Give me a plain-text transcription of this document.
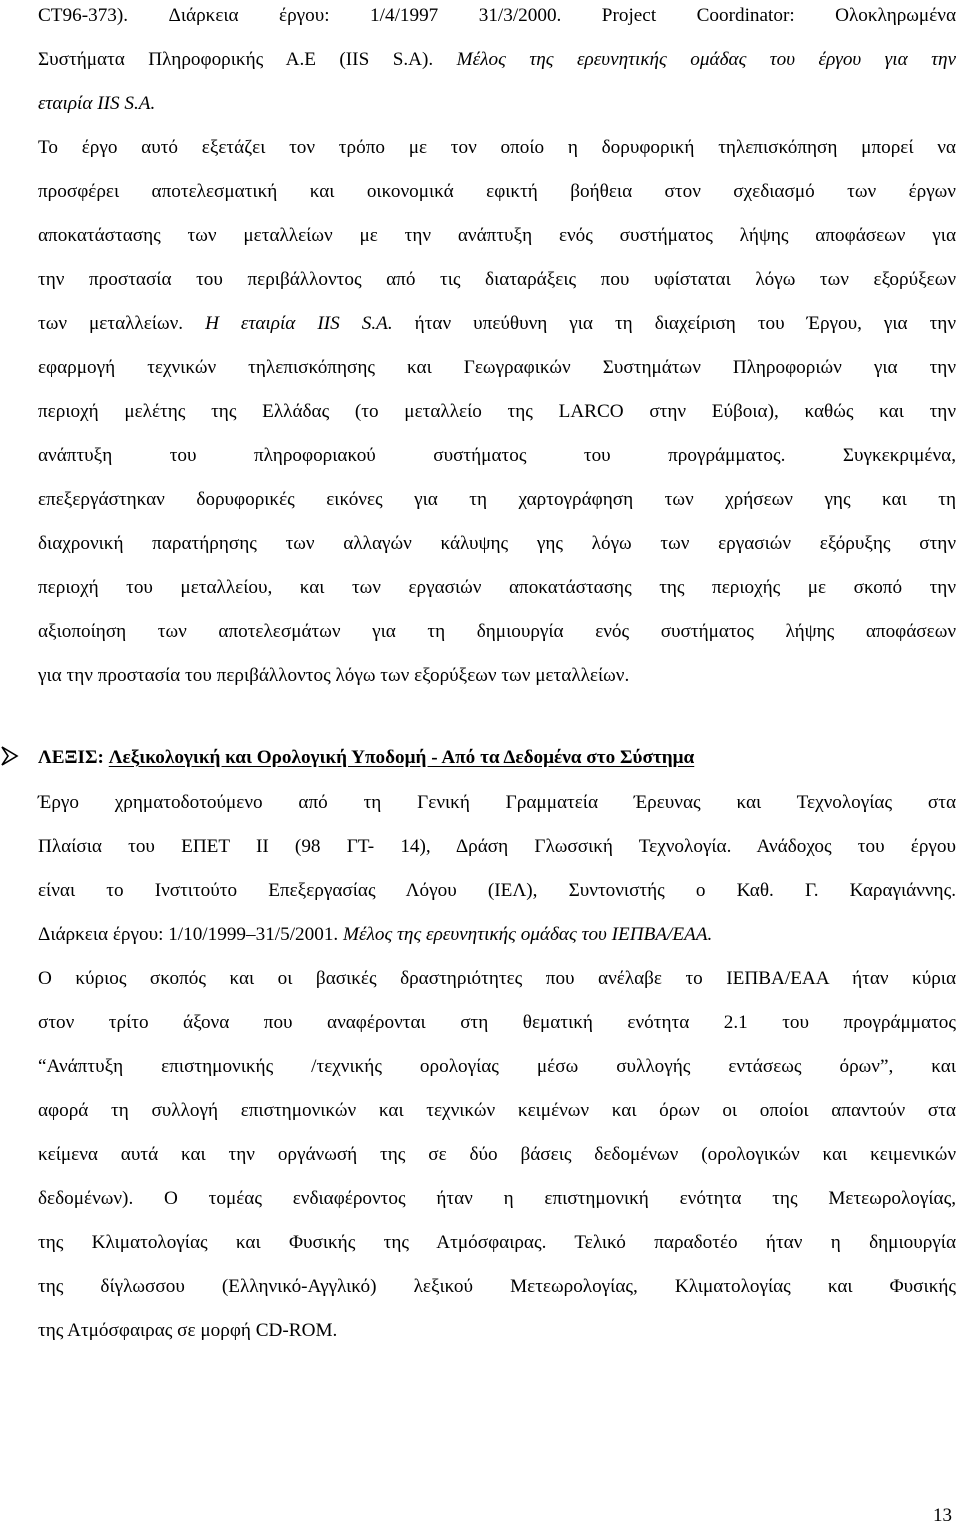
CT96-373). Διάρκεια έργου: 1/4/1997 31/3/2000. Project Coordinator: Ολοκληρωμένα
Συστήματα Πληροφορικής Α.Ε (IIS S.A). Μέλος της ερευνητικής ομάδας του έργου για την
εταιρία IIS S.A.
Το έργο αυτό εξετάζει τον τρόπο με τον οποίο η δορυφορική τηλεπισκόπηση μπορεί να
προσφέρει αποτελεσματική και οικονομικά εφικτή βοήθεια στον σχεδιασμό των έργων
αποκατάστασης των μεταλλείων με την ανάπτυξη ενός συστήματος λήψης αποφάσεων για
την προστασία του περιβάλλοντος από τις διαταράξεις που υφίσταται λόγω των εξορύξεων
των μεταλλείων. Η εταιρία IIS S.A. ήταν υπεύθυνη για τη διαχείριση του Έργου, για την
εφαρμογή τεχνικών τηλεπισκόπησης και Γεωγραφικών Συστημάτων Πληροφοριών για την
περιοχή μελέτης της Ελλάδας (το μεταλλείο της LARCO στην Εύβοια), καθώς και την
ανάπτυξη του πληροφοριακού συστήματος του προγράμματος. Συγκεκριμένα,
επεξεργάστηκαν δορυφορικές εικόνες για τη χαρτογράφηση των χρήσεων γης και τη
διαχρονική παρατήρησης των αλλαγών κάλυψης γης λόγω των εργασιών εξόρυξης στην
περιοχή του μεταλλείου, και των εργασιών αποκατάστασης της περιοχής με σκοπό την
αξιοποίηση των αποτελεσμάτων για τη δημιουργία ενός συστήματος λήψης αποφάσεων
για την προστασία του περιβάλλοντος λόγω των εξορύξεων των μεταλλείων.
Έργο χρηματοδοτούμενο από τη Γενική Γραμματεία Έρευνας και Τεχνολογίας στα
Πλαίσια του ΕΠΕΤ ΙΙ (98 ΓΤ- 14), Δράση Γλωσσική Τεχνολογία. Ανάδοχος του έργου
είναι το Ινστιτούτο Επεξεργασίας Λόγου (ΙΕΛ), Συντονιστής ο Καθ. Γ. Καραγιάννης.
Διάρκεια έργου: 1/10/1999–31/5/2001. Μέλος της ερευνητικής ομάδας του ΙΕΠΒΑ/ΕΑΑ.
Ο κύριος σκοπός και οι βασικές δραστηριότητες που ανέλαβε το ΙΕΠΒΑ/ΕΑΑ ήταν κύρια
στον τρίτο άξονα που αναφέρονται στη θεματική ενότητα 2.1 του προγράμματος
“Ανάπτυξη επιστημονικής /τεχνικής ορολογίας μέσω συλλογής εντάσεως όρων”, και
αφορά τη συλλογή επιστημονικών και τεχνικών κειμένων και όρων οι οποίοι απαντούν στα
κείμενα αυτά και την οργάνωσή της σε δύο βάσεις δεδομένων (ορολογικών και κειμενικών
δεδομένων). Ο τομέας ενδιαφέροντος ήταν η επιστημονική ενότητα της Μετεωρολογίας,
της Κλιματολογίας και Φυσικής της Ατμόσφαιρας. Τελικό παραδοτέο ήταν η δημιουργία
της δίγλωσσου (Ελληνικό-Αγγλικό) λεξικού Μετεωρολογίας, Κλιματολογίας και Φυσικής
της Ατμόσφαιρας σε μορφή CD-ROM.
ΛΕΞΙΣ: Λεξικολογική και Ορολογική Υποδομή - Από τα Δεδομένα στο Σύστημα
13
